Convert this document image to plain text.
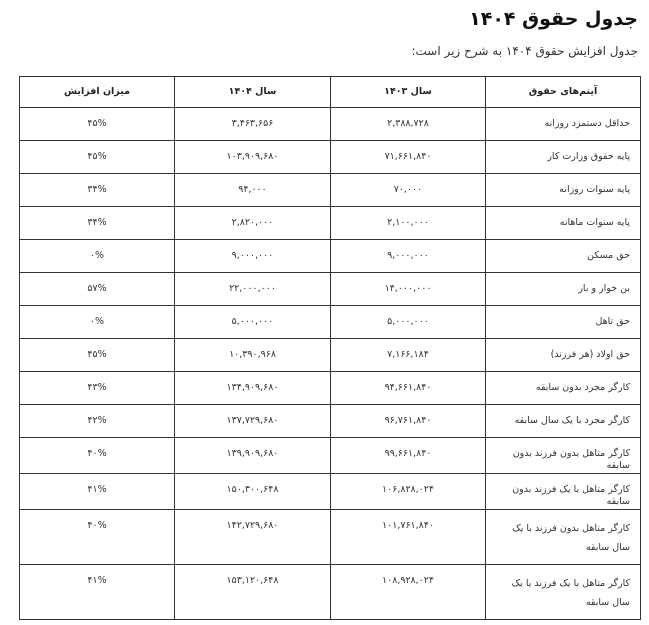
جدول حقوق ۱۴۰۴

جدول افزایش حقوق ۱۴۰۴ به شرح زیر است:

آیتم‌های حقوق	سال ۱۴۰۳	سال ۱۴۰۴	میزان افزایش
حداقل دستمزد روزانه	۲,۳۸۸,۷۲۸	۳,۴۶۳,۶۵۶	۴۵%
پایه حقوق وزارت کار	۷۱,۶۶۱,۸۴۰	۱۰۳,۹۰۹,۶۸۰	۴۵%
پایه سنوات روزانه	۷۰,۰۰۰	۹۴,۰۰۰	۳۴%
پایه سنوات ماهانه	۲,۱۰۰,۰۰۰	۲,۸۲۰,۰۰۰	۳۴%
حق مسکن	۹,۰۰۰,۰۰۰	۹,۰۰۰,۰۰۰	۰%
بن خوار و بار	۱۴,۰۰۰,۰۰۰	۲۲,۰۰۰,۰۰۰	۵۷%
حق تاهل	۵,۰۰۰,۰۰۰	۵,۰۰۰,۰۰۰	۰%
حق اولاد (هر فرزند)	۷,۱۶۶,۱۸۴	۱۰,۳۹۰,۹۶۸	۴۵%
کارگر مجرد بدون سابقه	۹۴,۶۶۱,۸۴۰	۱۳۴,۹۰۹,۶۸۰	۴۳%
کارگر مجرد با یک سال سابقه	۹۶,۷۶۱,۸۴۰	۱۳۷,۷۲۹,۶۸۰	۴۲%
کارگر متاهل بدون فرزند بدون سابقه	۹۹,۶۶۱,۸۴۰	۱۳۹,۹۰۹,۶۸۰	۴۰%
کارگر متاهل با یک فرزند بدون سابقه	۱۰۶,۸۲۸,۰۲۴	۱۵۰,۳۰۰,۶۴۸	۴۱%
کارگر متاهل بدون فرزند با یک سال سابقه	۱۰۱,۷۶۱,۸۴۰	۱۴۲,۷۲۹,۶۸۰	۴۰%
کارگر متاهل با یک فرزند با یک سال سابقه	۱۰۸,۹۲۸,۰۲۴	۱۵۳,۱۲۰,۶۴۸	۴۱%
